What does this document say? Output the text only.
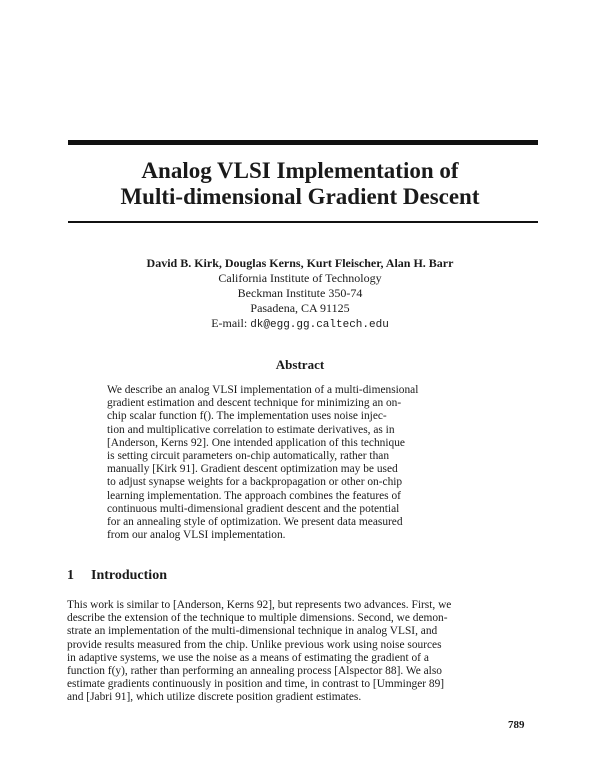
Analog VLSI Implementation of
Multi-dimensional Gradient Descent
David B. Kirk, Douglas Kerns, Kurt Fleischer, Alan H. Barr
California Institute of Technology
Beckman Institute 350-74
Pasadena, CA 91125
E-mail: dk@egg.gg.caltech.edu
Abstract
We describe an analog VLSI implementation of a multi-dimensional
gradient estimation and descent technique for minimizing an on-
chip scalar function f(). The implementation uses noise injec-
tion and multiplicative correlation to estimate derivatives, as in
[Anderson, Kerns 92]. One intended application of this technique
is setting circuit parameters on-chip automatically, rather than
manually [Kirk 91]. Gradient descent optimization may be used
to adjust synapse weights for a backpropagation or other on-chip
learning implementation. The approach combines the features of
continuous multi-dimensional gradient descent and the potential
for an annealing style of optimization. We present data measured
from our analog VLSI implementation.
1 Introduction
This work is similar to [Anderson, Kerns 92], but represents two advances. First, we
describe the extension of the technique to multiple dimensions. Second, we demon-
strate an implementation of the multi-dimensional technique in analog VLSI, and
provide results measured from the chip. Unlike previous work using noise sources
in adaptive systems, we use the noise as a means of estimating the gradient of a
function f(y), rather than performing an annealing process [Alspector 88]. We also
estimate gradients continuously in position and time, in contrast to [Umminger 89]
and [Jabri 91], which utilize discrete position gradient estimates.
789
